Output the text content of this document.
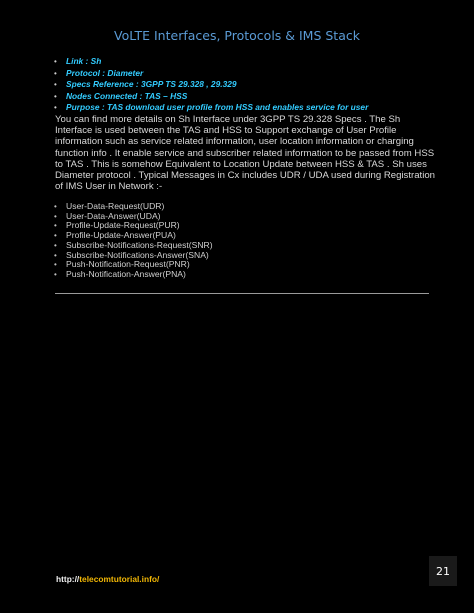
VoLTE Interfaces, Protocols & IMS Stack
• Link : Sh
• Protocol : Diameter
• Specs Reference : 3GPP TS 29.328 , 29.329
• Nodes Connected : TAS – HSS
• Purpose : TAS download user profile from HSS and enables service for user

You can find more details on Sh Interface under 3GPP TS 29.328 Specs . The Sh Interface is used between the TAS and HSS to Support exchange of User Profile information such as service related information, user location information or charging function info . It enable service and subscriber related information to be passed from HSS to TAS . This is somehow Equivalent to Location Update between HSS & TAS . Sh uses Diameter protocol . Typical Messages in Cx includes UDR / UDA used during Registration of IMS User in Network :-

• User-Data-Request(UDR)
• User-Data-Answer(UDA)
• Profile-Update-Request(PUR)
• Profile-Update-Answer(PUA)
• Subscribe-Notifications-Request(SNR)
• Subscribe-Notifications-Answer(SNA)
• Push-Notification-Request(PNR)
• Push-Notification-Answer(PNA)
21
http://telecomtutorial.info/
